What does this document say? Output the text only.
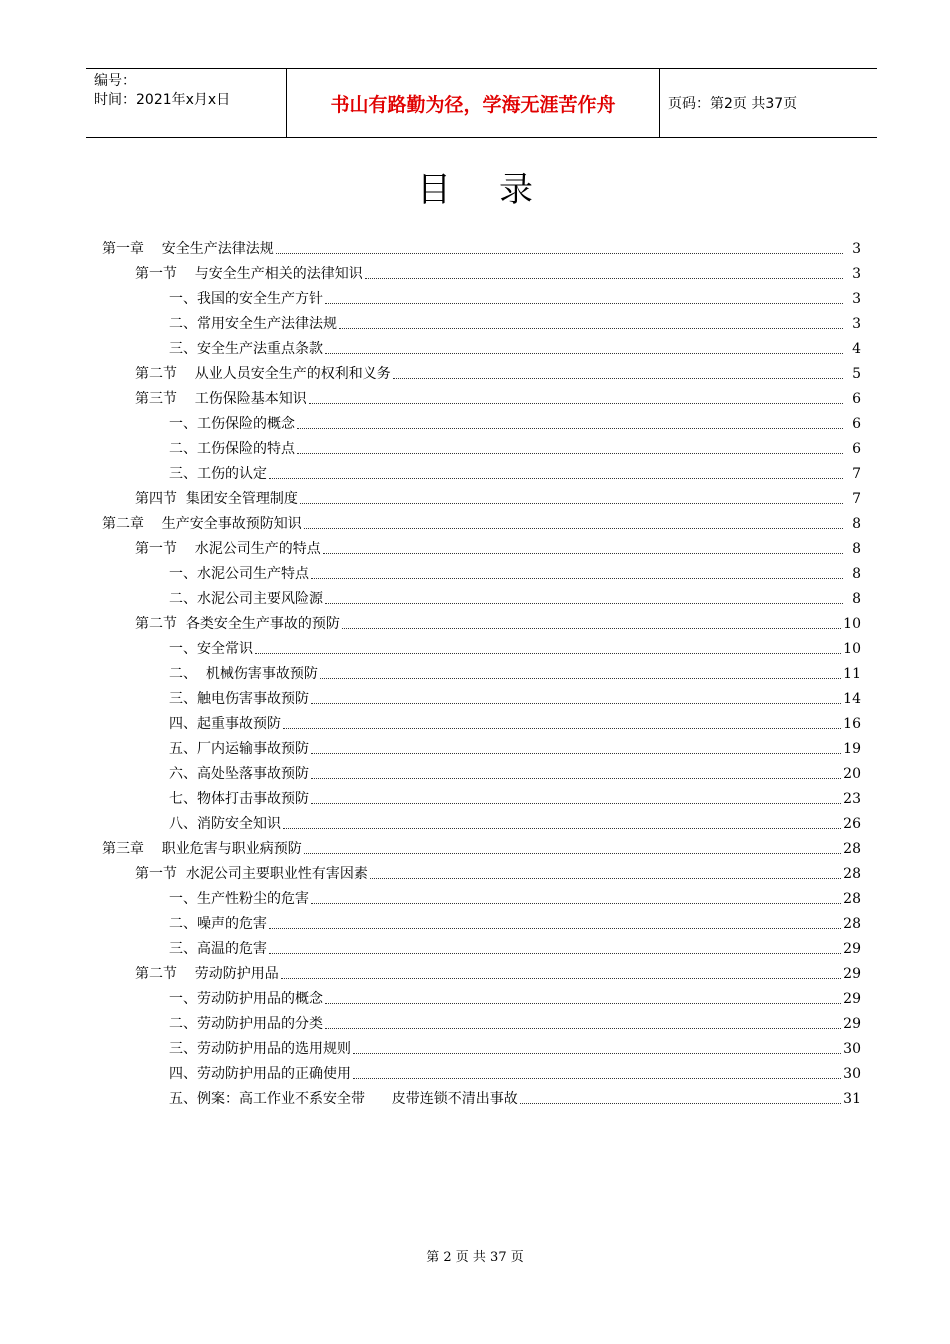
编号：
时间：2021年x月x日	书山有路勤为径，学海无涯苦作舟	页码：第2页 共37页
目录
第一章    安全生产法律法规	3
第一节    与安全生产相关的法律知识	3
一、我国的安全生产方针	3
二、常用安全生产法律法规	3
三、安全生产法重点条款	4
第二节    从业人员安全生产的权利和义务	5
第三节    工伤保险基本知识	6
一、工伤保险的概念	6
二、工伤保险的特点	6
三、工伤的认定	7
第四节  集团安全管理制度	7
第二章    生产安全事故预防知识	8
第一节    水泥公司生产的特点	8
一、水泥公司生产特点	8
二、水泥公司主要风险源	8
第二节  各类安全生产事故的预防	10
一、安全常识	10
二、  机械伤害事故预防	11
三、触电伤害事故预防	14
四、起重事故预防	16
五、厂内运输事故预防	19
六、高处坠落事故预防	20
七、物体打击事故预防	23
八、消防安全知识	26
第三章    职业危害与职业病预防	28
第一节  水泥公司主要职业性有害因素	28
一、生产性粉尘的危害	28
二、噪声的危害	28
三、高温的危害	29
第二节    劳动防护用品	29
一、劳动防护用品的概念	29
二、劳动防护用品的分类	29
三、劳动防护用品的选用规则	30
四、劳动防护用品的正确使用	30
五、例案：高工作业不系安全带      皮带连锁不清出事故	31
第 2 页 共 37 页
